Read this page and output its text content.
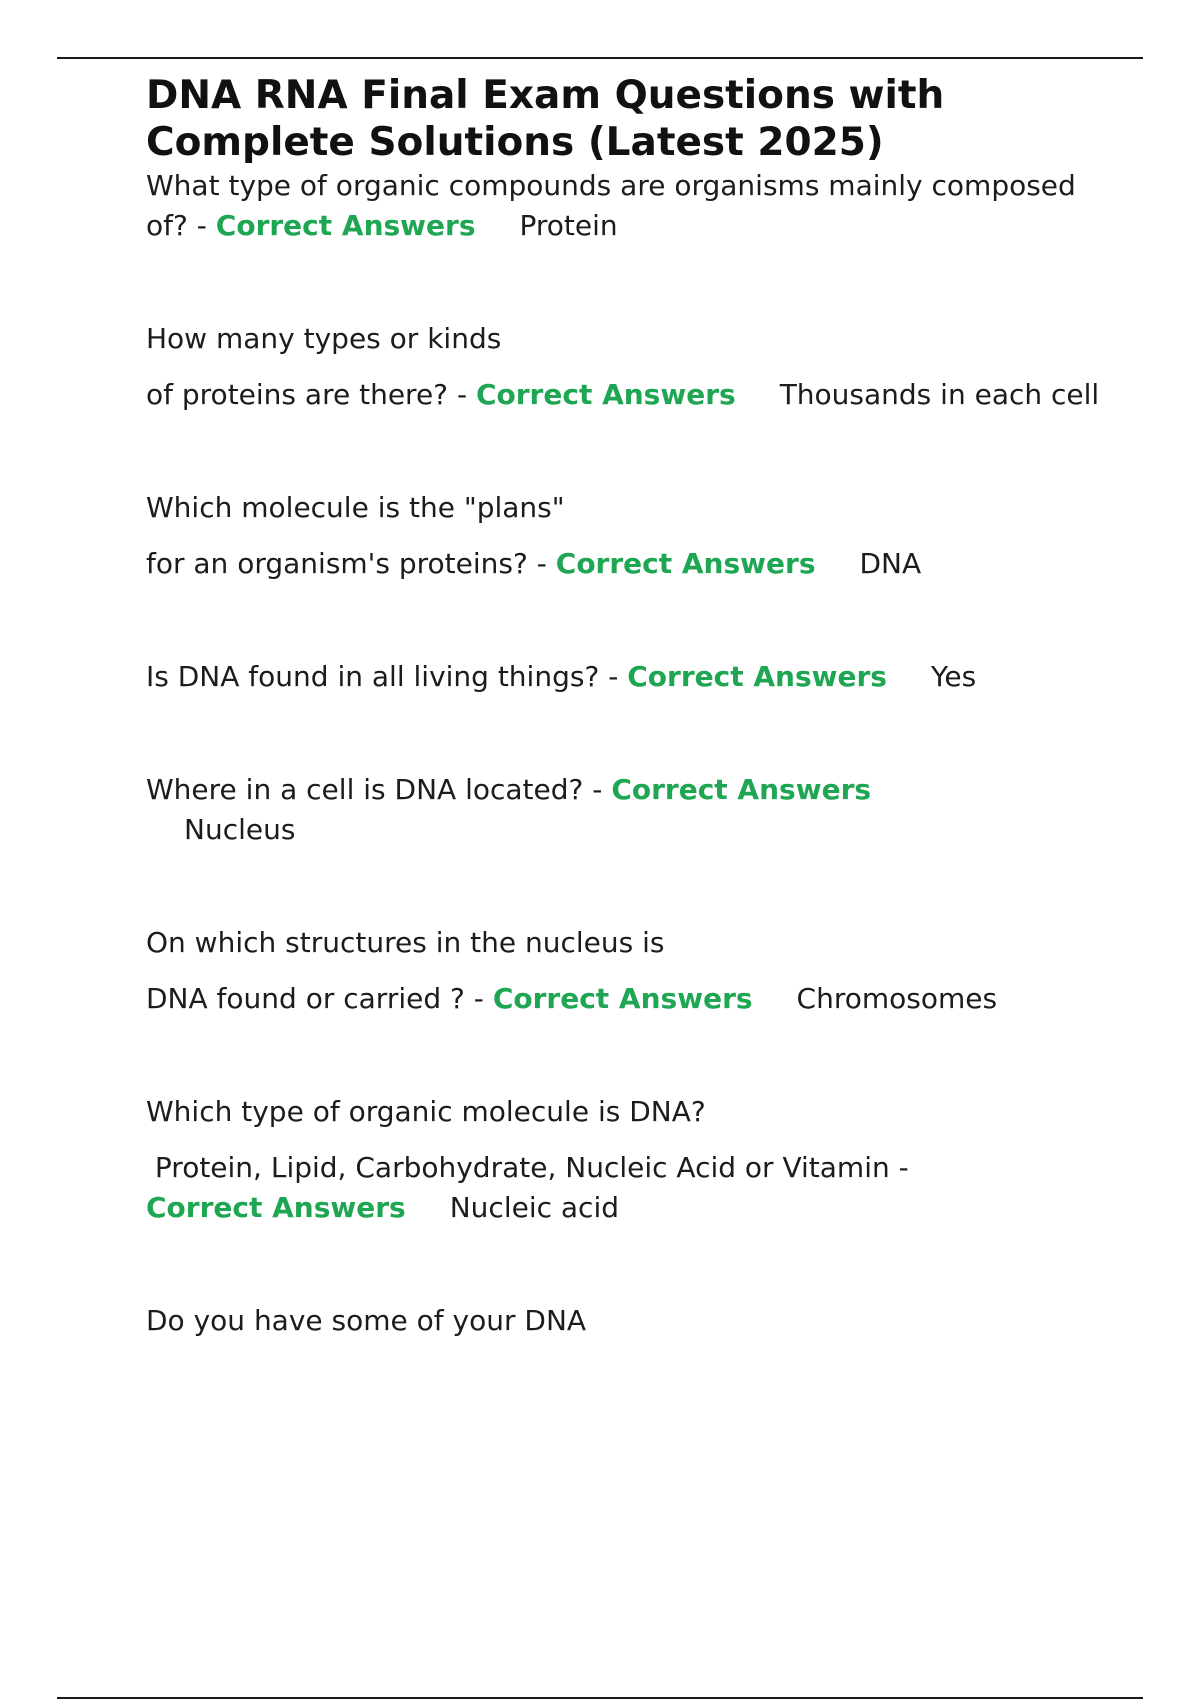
DNA RNA Final Exam Questions with Complete Solutions (Latest 2025)

What type of organic compounds are organisms mainly composed of? - Correct Answers Protein

How many types or kinds

of proteins are there? - Correct Answers Thousands in each cell

Which molecule is the "plans"

for an organism's proteins? - Correct Answers DNA

Is DNA found in all living things? - Correct Answers Yes

Where in a cell is DNA located? - Correct Answers
Nucleus

On which structures in the nucleus is

DNA found or carried ? - Correct Answers Chromosomes

Which type of organic molecule is DNA?

Protein, Lipid, Carbohydrate, Nucleic Acid or Vitamin -
Correct Answers Nucleic acid

Do you have some of your DNA
